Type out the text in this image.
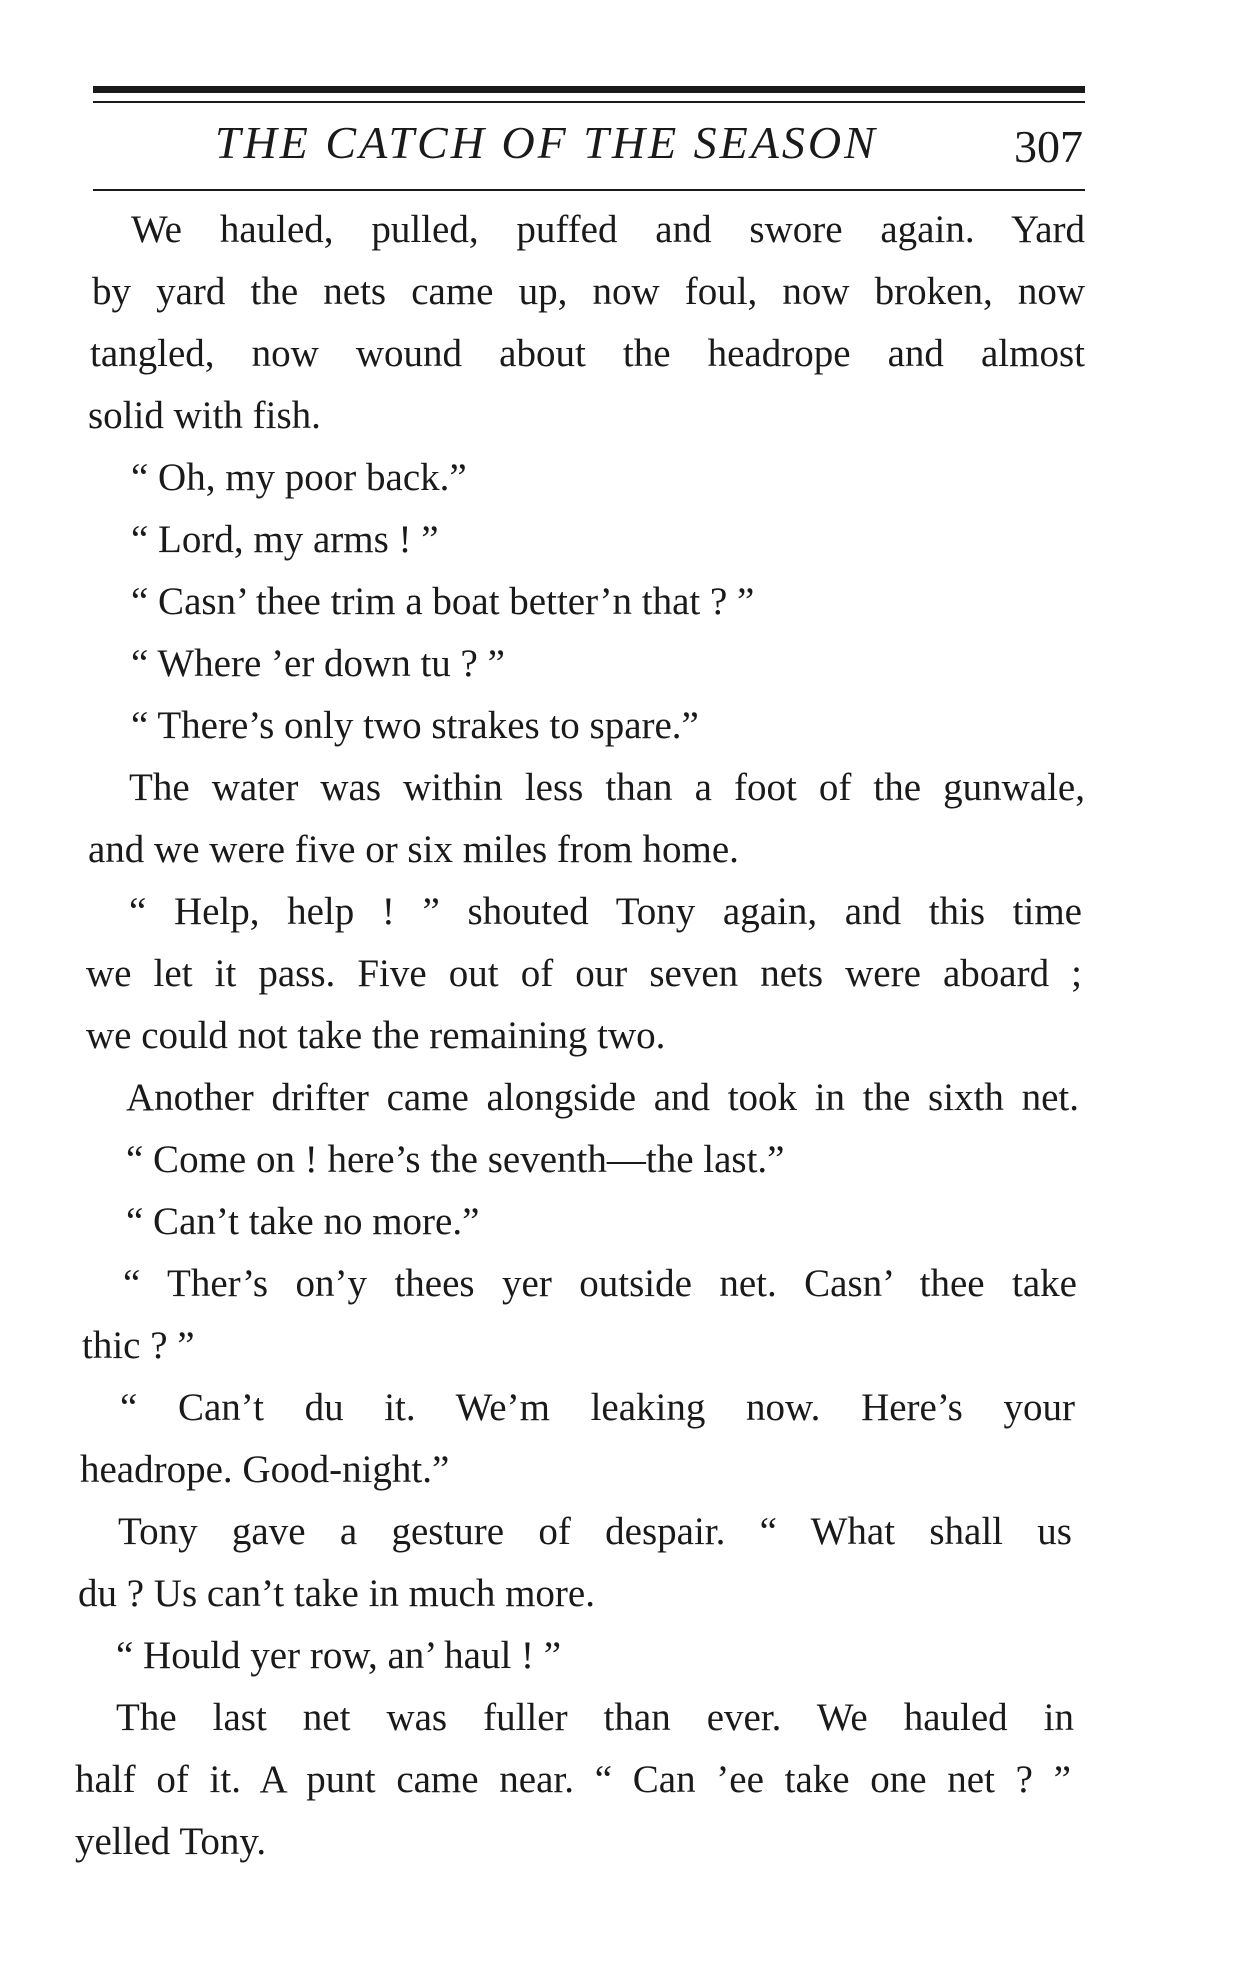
THE CATCH OF THE SEASON	307
We hauled, pulled, puffed and swore again. Yard
by yard the nets came up, now foul, now broken, now
tangled, now wound about the headrope and almost
solid with fish.
“ Oh, my poor back.”
“ Lord, my arms ! ”
“ Casn’ thee trim a boat better’n that ? ”
“ Where ’er down tu ? ”
“ There’s only two strakes to spare.”
The water was within less than a foot of the gunwale,
and we were five or six miles from home.
“ Help, help ! ” shouted Tony again, and this time
we let it pass. Five out of our seven nets were aboard ;
we could not take the remaining two.
Another drifter came alongside and took in the sixth net.
“ Come on ! here’s the seventh—the last.”
“ Can’t take no more.”
“ Ther’s on’y thees yer outside net. Casn’ thee take
thic ? ”
“ Can’t du it. We’m leaking now. Here’s your
headrope. Good-night.”
Tony gave a gesture of despair. “ What shall us
du ? Us can’t take in much more.
“ Hould yer row, an’ haul ! ”
The last net was fuller than ever. We hauled in
half of it. A punt came near. “ Can ’ee take one net ? ”
yelled Tony.
